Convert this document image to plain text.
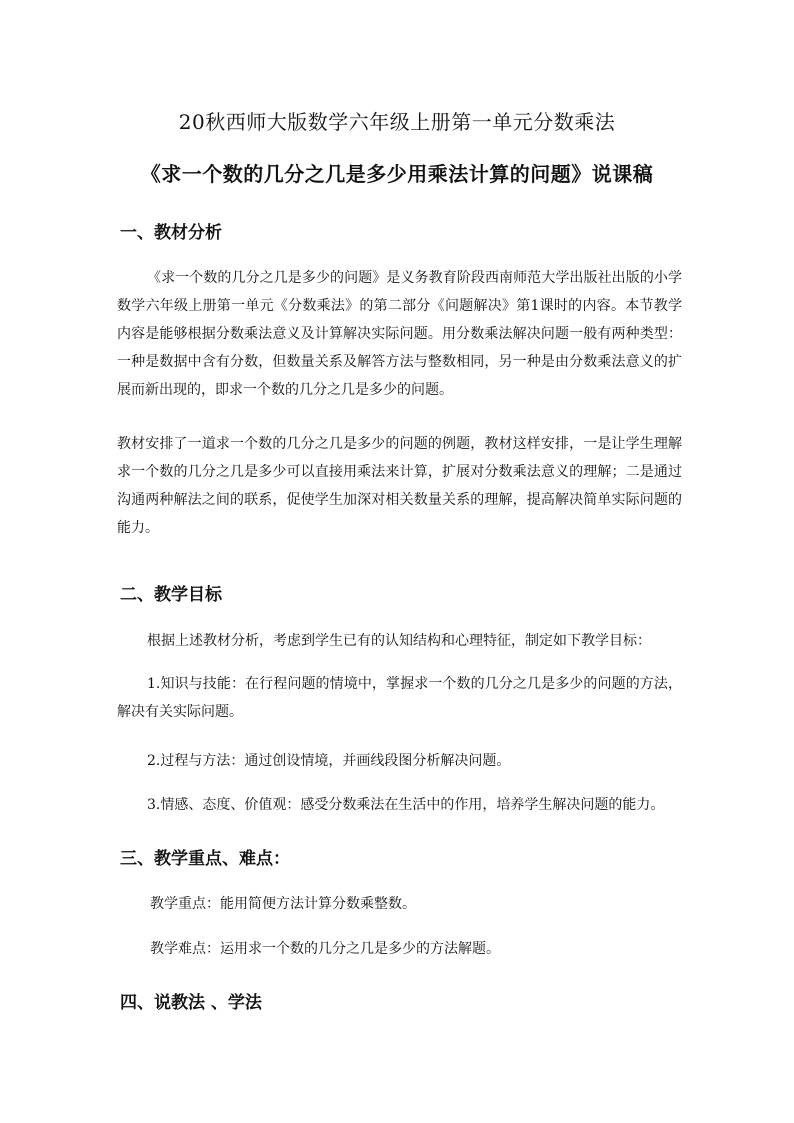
20秋西师大版数学六年级上册第一单元分数乘法
《求一个数的几分之几是多少用乘法计算的问题》说课稿
一、教材分析

《求一个数的几分之几是多少的问题》是义务教育阶段西南师范大学出版社出版的小学数学六年级上册第一单元《分数乘法》的第二部分《问题解决》第1课时的内容。本节教学内容是能够根据分数乘法意义及计算解决实际问题。用分数乘法解决问题一般有两种类型：一种是数据中含有分数，但数量关系及解答方法与整数相同，另一种是由分数乘法意义的扩展而新出现的，即求一个数的几分之几是多少的问题。

教材安排了一道求一个数的几分之几是多少的问题的例题，教材这样安排，一是让学生理解求一个数的几分之几是多少可以直接用乘法来计算，扩展对分数乘法意义的理解；二是通过沟通两种解法之间的联系，促使学生加深对相关数量关系的理解，提高解决简单实际问题的能力。

二、教学目标
根据上述教材分析，考虑到学生已有的认知结构和心理特征，制定如下教学目标：

1.知识与技能：在行程问题的情境中，掌握求一个数的几分之几是多少的问题的方法，解决有关实际问题。

2.过程与方法：通过创设情境，并画线段图分析解决问题。
3.情感、态度、价值观：感受分数乘法在生活中的作用，培养学生解决问题的能力。
三、教学重点、难点：
教学重点：能用简便方法计算分数乘整数。
教学难点：运用求一个数的几分之几是多少的方法解题。
四、说教法 、学法
